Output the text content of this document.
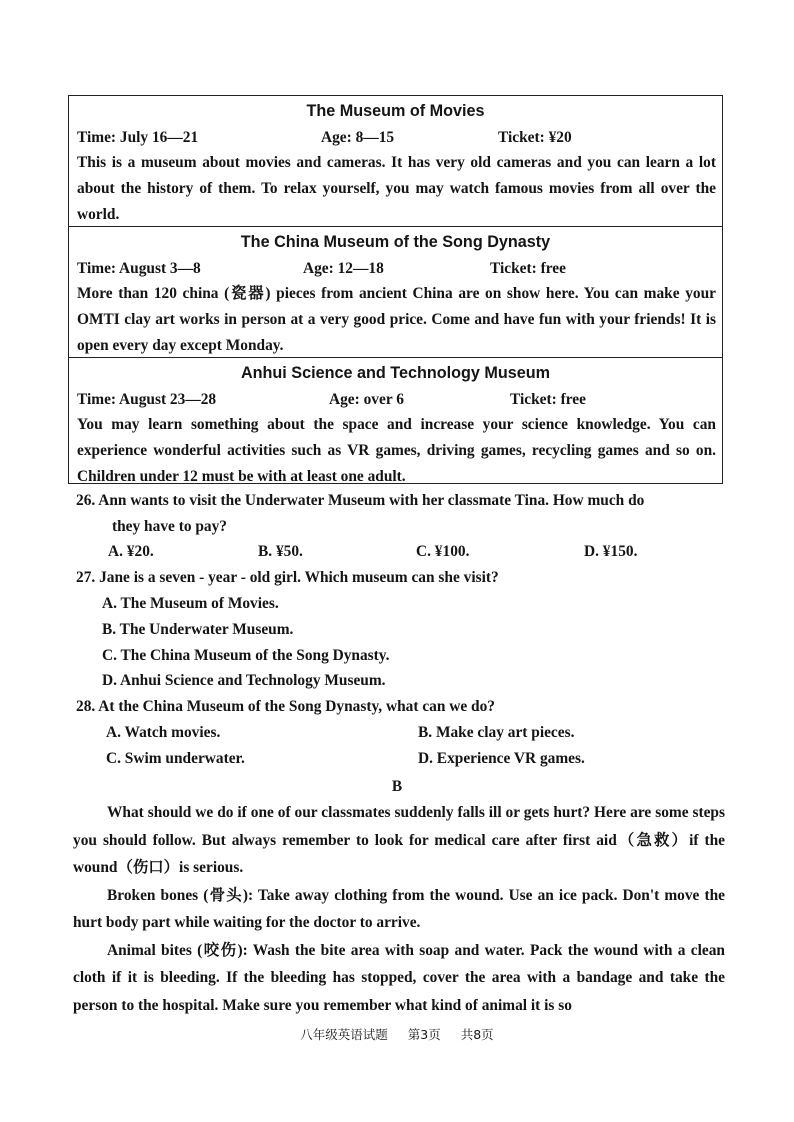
The Museum of Movies
Time: July 16—21	Age: 8—15	Ticket: ¥20
This is a museum about movies and cameras. It has very old cameras and you can learn a lot about the history of them. To relax yourself, you may watch famous movies from all over the world.
The China Museum of the Song Dynasty
Time: August 3—8	Age: 12—18	Ticket: free
More than 120 china (瓷器) pieces from ancient China are on show here. You can make your OMTI clay art works in person at a very good price. Come and have fun with your friends! It is open every day except Monday.
Anhui Science and Technology Museum
Time: August 23—28	Age: over 6	Ticket: free
You may learn something about the space and increase your science knowledge. You can experience wonderful activities such as VR games, driving games, recycling games and so on. Children under 12 must be with at least one adult.
26. Ann wants to visit the Underwater Museum with her classmate Tina. How much do
they have to pay?
A. ¥20.	B. ¥50.	C. ¥100.	D. ¥150.
27. Jane is a seven - year - old girl. Which museum can she visit?
A. The Museum of Movies.
B. The Underwater Museum.
C. The China Museum of the Song Dynasty.
D. Anhui Science and Technology Museum.
28. At the China Museum of the Song Dynasty, what can we do?
A. Watch movies.	B. Make clay art pieces.
C. Swim underwater.	D. Experience VR games.
B

What should we do if one of our classmates suddenly falls ill or gets hurt? Here are some steps you should follow. But always remember to look for medical care after first aid（急救）if the wound（伤口）is serious.

Broken bones (骨头): Take away clothing from the wound. Use an ice pack. Don't move the hurt body part while waiting for the doctor to arrive.

Animal bites (咬伤): Wash the bite area with soap and water. Pack the wound with a clean cloth if it is bleeding. If the bleeding has stopped, cover the area with a bandage and take the person to the hospital. Make sure you remember what kind of animal it is so

八年级英语试题 第3页 共8页
